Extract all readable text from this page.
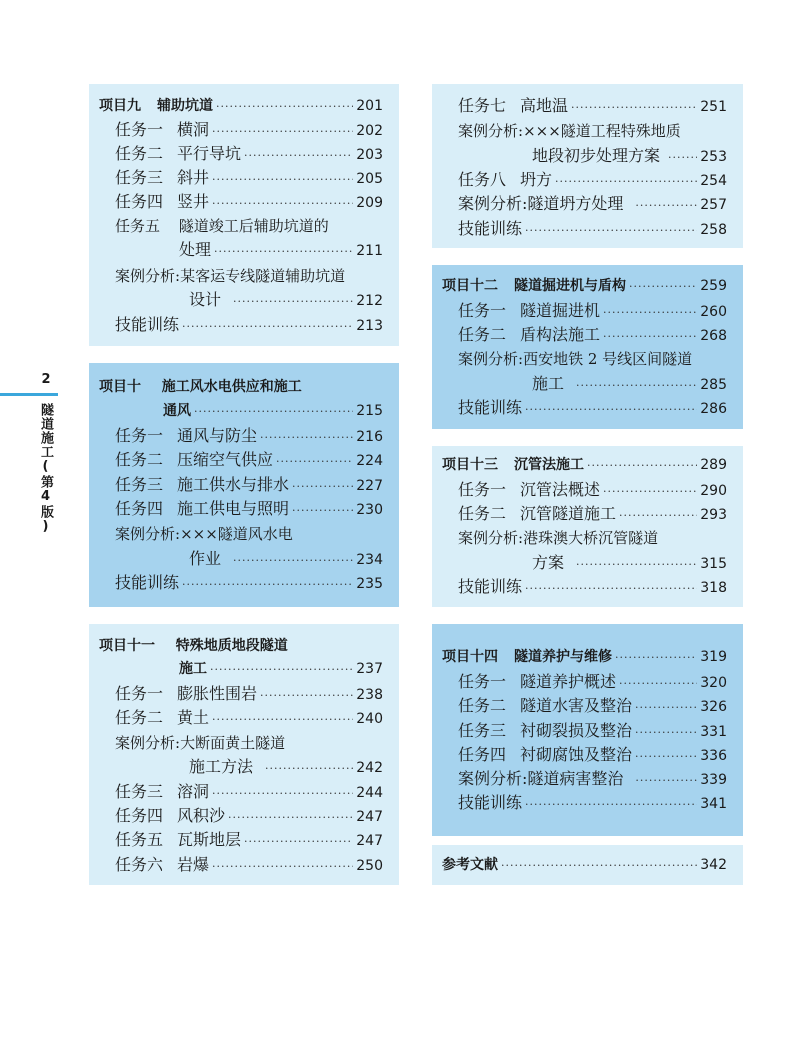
2
隧道施工(第4版)
项目九 辅助坑道 ·····	201
任务一 横洞 ·····	202
任务二 平行导坑 ·····	203
任务三 斜井 ·····	205
任务四 竖井 ·····	209
任务五 隧道竣工后辅助坑道的
处理 ·····	211
案例分析:某客运专线隧道辅助坑道
设计 ·····	212
技能训练 ·····	213
项目十 施工风水电供应和施工
通风 ·····	215
任务一 通风与防尘 ·····	216
任务二 压缩空气供应 ·····	224
任务三 施工供水与排水 ·····	227
任务四 施工供电与照明 ·····	230
案例分析:×××隧道风水电
作业 ·····	234
技能训练 ·····	235
项目十一 特殊地质地段隧道
施工 ·····	237
任务一 膨胀性围岩 ·····	238
任务二 黄土 ·····	240
案例分析:大断面黄土隧道
施工方法 ·····	242
任务三 溶洞 ·····	244
任务四 风积沙 ·····	247
任务五 瓦斯地层 ·····	247
任务六 岩爆 ·····	250
任务七 高地温 ·····	251
案例分析:×××隧道工程特殊地质
地段初步处理方案 ·····	253
任务八 坍方 ·····	254
案例分析 : 隧道坍方处理 ·····	257
技能训练 ·····	258
项目十二 隧道掘进机与盾构 ·····	259
任务一 隧道掘进机 ·····	260
任务二 盾构法施工 ·····	268
案例分析:西安地铁 2 号线区间隧道
施工 ·····	285
技能训练 ·····	286
项目十三 沉管法施工 ·····	289
任务一 沉管法概述 ·····	290
任务二 沉管隧道施工 ·····	293
案例分析:港珠澳大桥沉管隧道
方案 ·····	315
技能训练 ·····	318
项目十四 隧道养护与维修 ·····	319
任务一 隧道养护概述 ·····	320
任务二 隧道水害及整治 ·····	326
任务三 衬砌裂损及整治 ·····	331
任务四 衬砌腐蚀及整治 ·····	336
案例分析 : 隧道病害整治 ·····	339
技能训练 ·····	341
参考文献 ·····	342
